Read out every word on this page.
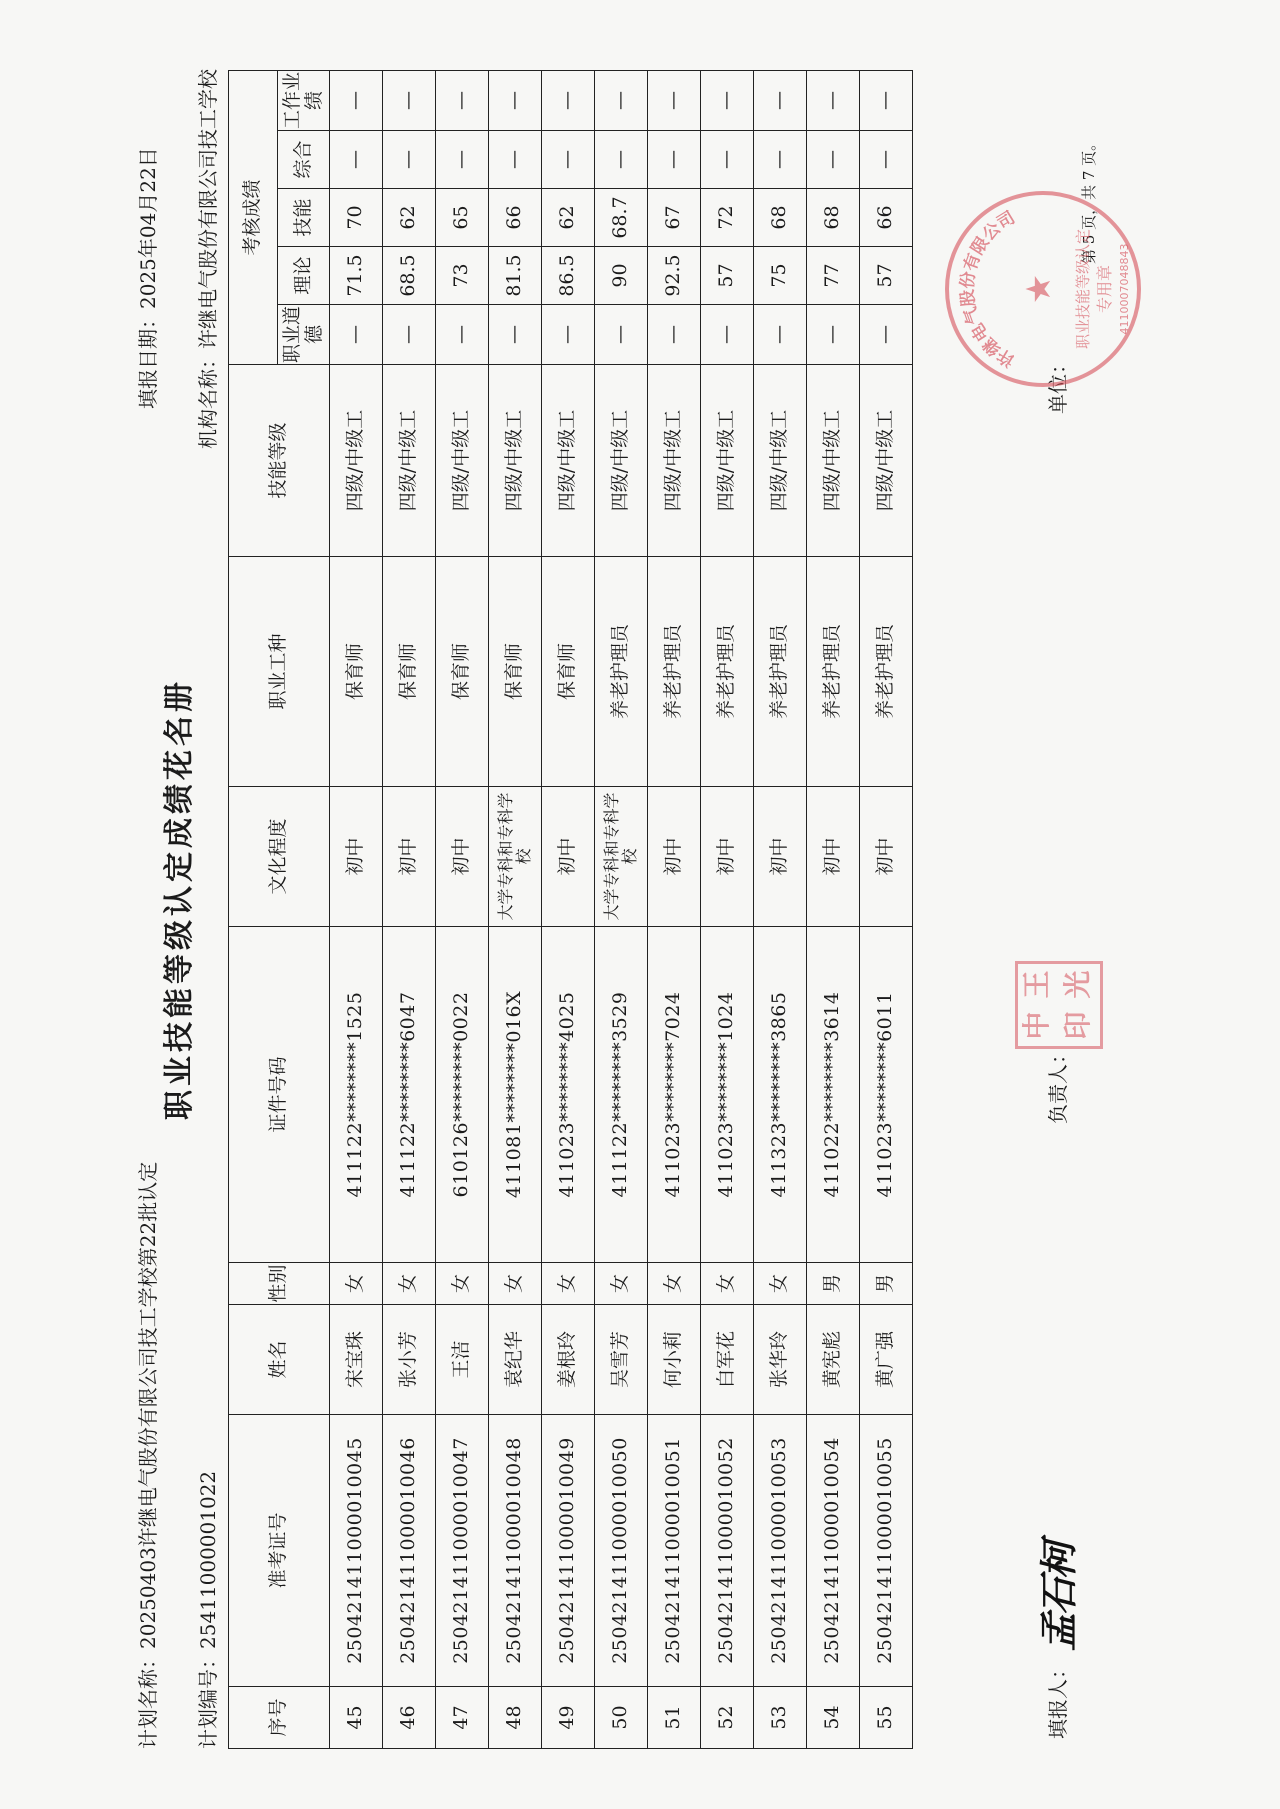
职业技能等级认定成绩花名册
计划名称：20250403许继电气股份有限公司技工学校第22批认定
计划编号：25411000001022
填报日期：2025年04月22日
机构名称：许继电气股份有限公司技工学校
序号	准考证号	姓名	性别	证件号码	文化程度	职业工种	技能等级	考核成绩				
								职业道德	理论	技能	综合	工作业绩
45	250421411000010045	宋宝珠	女	411122********1525	初中	保育师	四级/中级工	—	71.5	70	—	—
46	250421411000010046	张小芳	女	411122********6047	初中	保育师	四级/中级工	—	68.5	62	—	—
47	250421411000010047	王洁	女	610126********0022	初中	保育师	四级/中级工	—	73	65	—	—
48	250421411000010048	袁纪华	女	411081********016X	大学专科和专科学校	保育师	四级/中级工	—	81.5	66	—	—
49	250421411000010049	姜根玲	女	411023********4025	初中	保育师	四级/中级工	—	86.5	62	—	—
50	250421411000010050	吴雪芳	女	411122********3529	大学专科和专科学校	养老护理员	四级/中级工	—	90	68.7	—	—
51	250421411000010051	何小莉	女	411023********7024	初中	养老护理员	四级/中级工	—	92.5	67	—	—
52	250421411000010052	白军花	女	411023********1024	初中	养老护理员	四级/中级工	—	57	72	—	—
53	250421411000010053	张华玲	女	411323********3865	初中	养老护理员	四级/中级工	—	75	68	—	—
54	250421411000010054	黄宪彪	男	411022********3614	初中	养老护理员	四级/中级工	—	77	68	—	—
55	250421411000010055	黄广强	男	411023********6011	初中	养老护理员	四级/中级工	—	57	66	—	—
填报人：
孟石柯
负责人：
单位：
第 5 页，共 7 页。
中
王
印
光
许继电气股份有限公司
★ 职业技能等级认定 专用章 4110007048843
